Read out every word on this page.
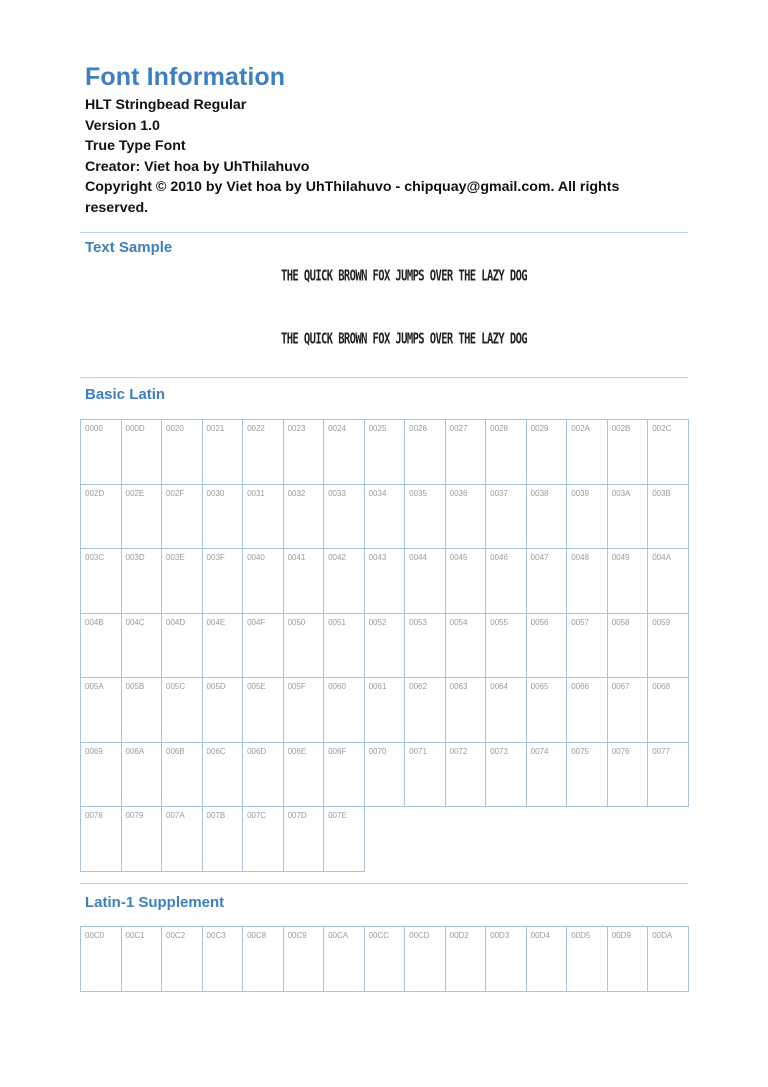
Font Information
HLT Stringbead Regular
Version 1.0
True Type Font
Creator: Viet hoa by UhThilahuvo
Copyright © 2010 by Viet hoa by UhThilahuvo - chipquay@gmail.com. All rights reserved.
Text Sample
THE QUICK BROWN FOX JUMPS OVER THE LAZY DOG
THE QUICK BROWN FOX JUMPS OVER THE LAZY DOG
Basic Latin
0000	000D	0020	0021	0022	0023	0024	0025	0026	0027	0028	0029	002A	002B	002C
002D	002E	002F	0030	0031	0032	0033	0034	0035	0036	0037	0038	0039	003A	003B
003C	003D	003E	003F	0040	0041	0042	0043	0044	0045	0046	0047	0048	0049	004A
004B	004C	004D	004E	004F	0050	0051	0052	0053	0054	0055	0056	0057	0058	0059
005A	005B	005C	005D	005E	005F	0060	0061	0062	0063	0064	0065	0066	0067	0068
0069	006A	006B	006C	006D	006E	006F	0070	0071	0072	0073	0074	0075	0076	0077
0078	0079	007A	007B	007C	007D	007E
Latin-1 Supplement
00C0	00C1	00C2	00C3	00C8	00C9	00CA	00CC	00CD	00D2	00D3	00D4	00D5	00D9	00DA
